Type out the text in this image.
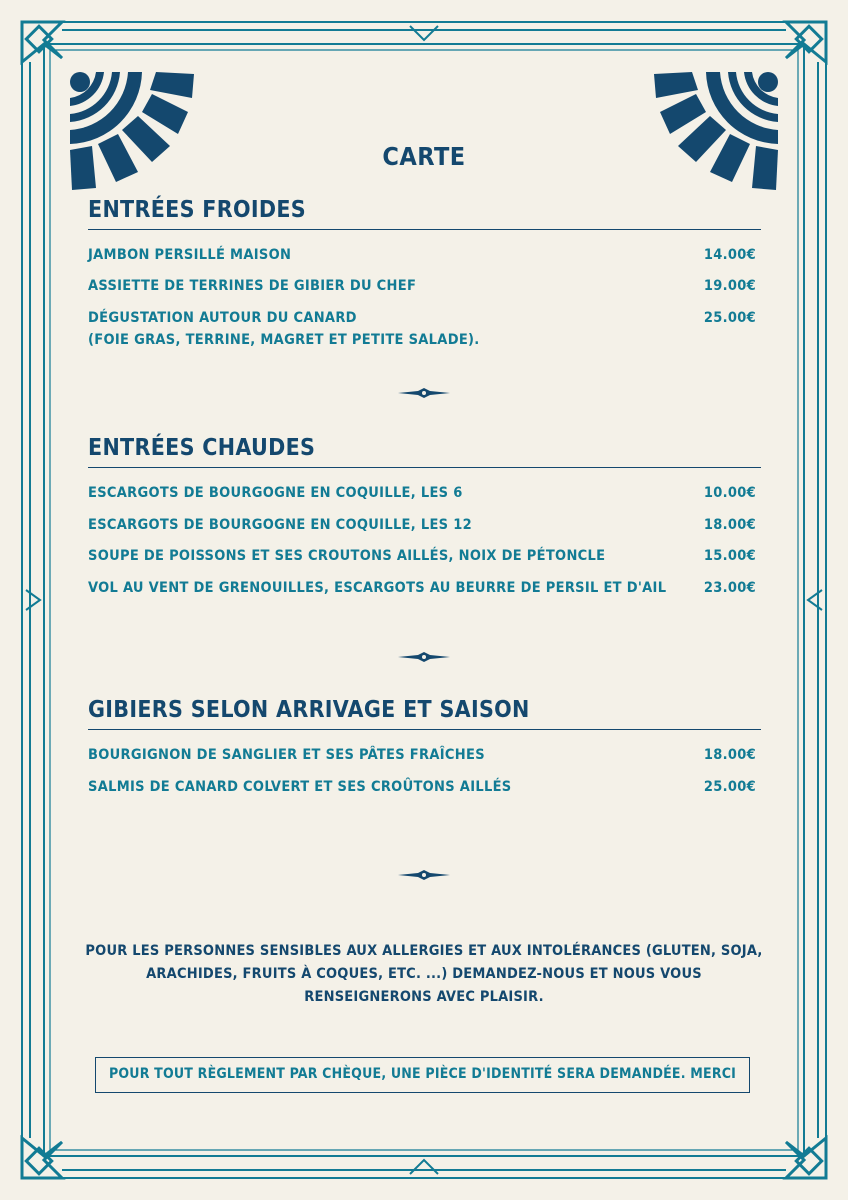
CARTE
ENTRÉES FROIDES
JAMBON PERSILLÉ MAISON	14.00€
ASSIETTE DE TERRINES DE GIBIER DU CHEF	19.00€
DÉGUSTATION AUTOUR DU CANARD	25.00€
(FOIE GRAS, TERRINE, MAGRET ET PETITE SALADE).
ENTRÉES CHAUDES
ESCARGOTS DE BOURGOGNE EN COQUILLE, LES 6	10.00€
ESCARGOTS DE BOURGOGNE EN COQUILLE, LES 12	18.00€
SOUPE DE POISSONS ET SES CROUTONS AILLÉS, NOIX DE PÉTONCLE	15.00€
VOL AU VENT DE GRENOUILLES, ESCARGOTS AU BEURRE DE PERSIL ET D'AIL	23.00€
GIBIERS SELON ARRIVAGE ET SAISON
BOURGIGNON DE SANGLIER ET SES PÂTES FRAÎCHES	18.00€
SALMIS DE CANARD COLVERT ET SES CROÛTONS AILLÉS	25.00€
POUR LES PERSONNES SENSIBLES AUX ALLERGIES ET AUX INTOLÉRANCES (GLUTEN, SOJA, ARACHIDES, FRUITS À COQUES, ETC. ...) DEMANDEZ-NOUS ET NOUS VOUS RENSEIGNERONS AVEC PLAISIR.
POUR TOUT RÈGLEMENT PAR CHÈQUE, UNE PIÈCE D'IDENTITÉ SERA DEMANDÉE. MERCI
